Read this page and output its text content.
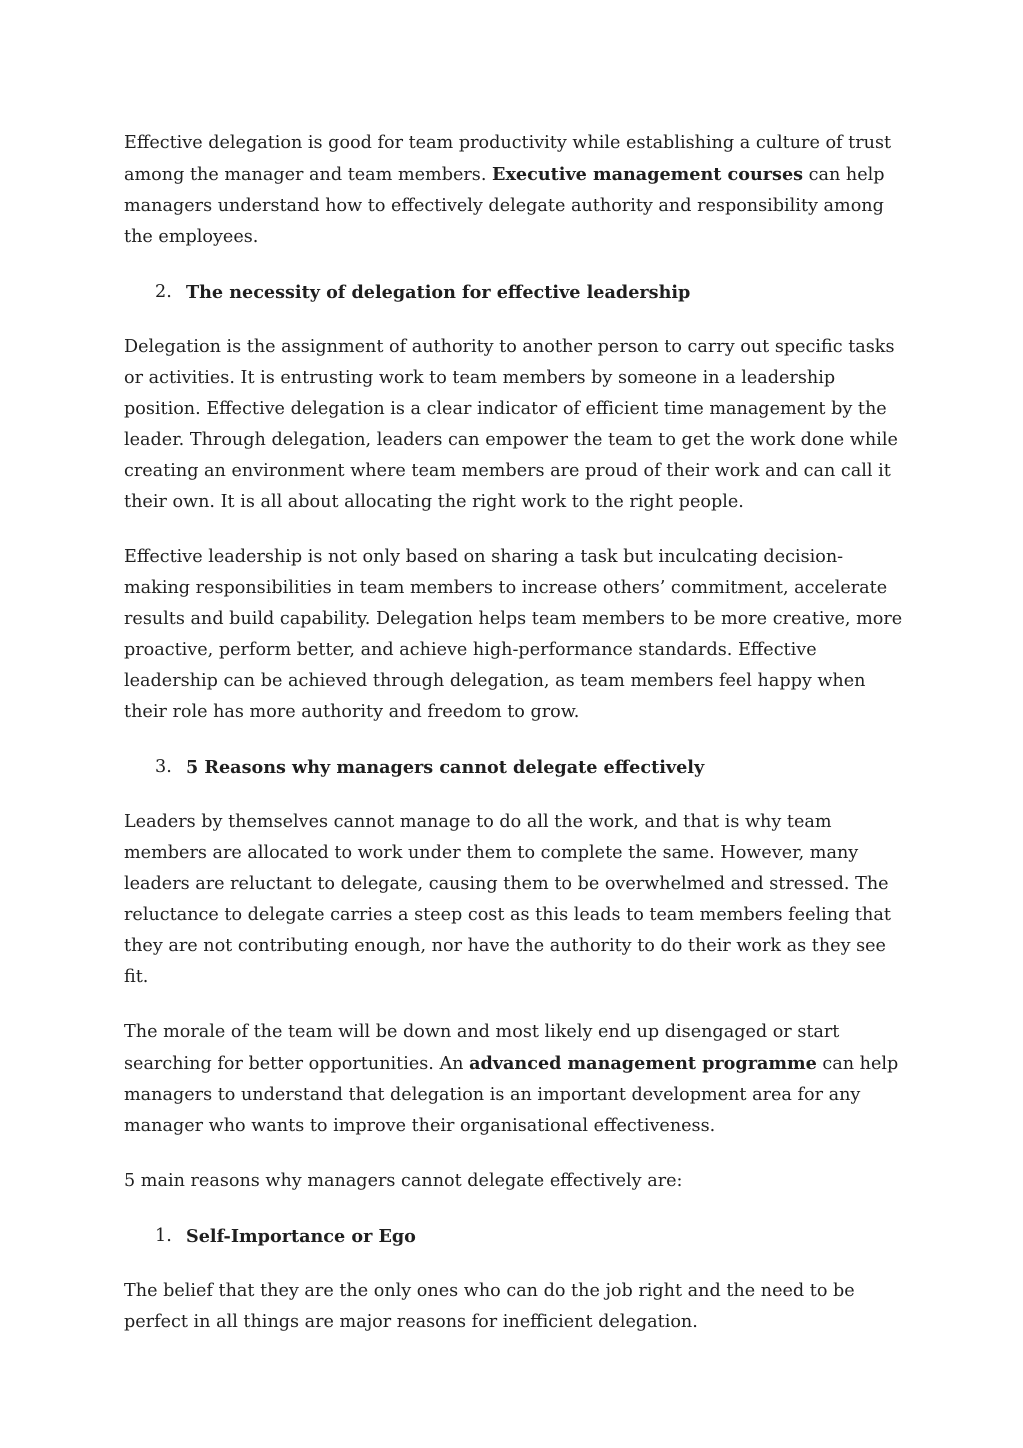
Effective delegation is good for team productivity while establishing a culture of trust among the manager and team members. Executive management courses can help managers understand how to effectively delegate authority and responsibility among the employees.

2. The necessity of delegation for effective leadership

Delegation is the assignment of authority to another person to carry out specific tasks or activities. It is entrusting work to team members by someone in a leadership position. Effective delegation is a clear indicator of efficient time management by the leader. Through delegation, leaders can empower the team to get the work done while creating an environment where team members are proud of their work and can call it their own. It is all about allocating the right work to the right people.

Effective leadership is not only based on sharing a task but inculcating decision-making responsibilities in team members to increase others’ commitment, accelerate results and build capability. Delegation helps team members to be more creative, more proactive, perform better, and achieve high-performance standards. Effective leadership can be achieved through delegation, as team members feel happy when their role has more authority and freedom to grow.

3. 5 Reasons why managers cannot delegate effectively

Leaders by themselves cannot manage to do all the work, and that is why team members are allocated to work under them to complete the same. However, many leaders are reluctant to delegate, causing them to be overwhelmed and stressed. The reluctance to delegate carries a steep cost as this leads to team members feeling that they are not contributing enough, nor have the authority to do their work as they see fit.

The morale of the team will be down and most likely end up disengaged or start searching for better opportunities. An advanced management programme can help managers to understand that delegation is an important development area for any manager who wants to improve their organisational effectiveness.

5 main reasons why managers cannot delegate effectively are:

1. Self-Importance or Ego

The belief that they are the only ones who can do the job right and the need to be perfect in all things are major reasons for inefficient delegation.
